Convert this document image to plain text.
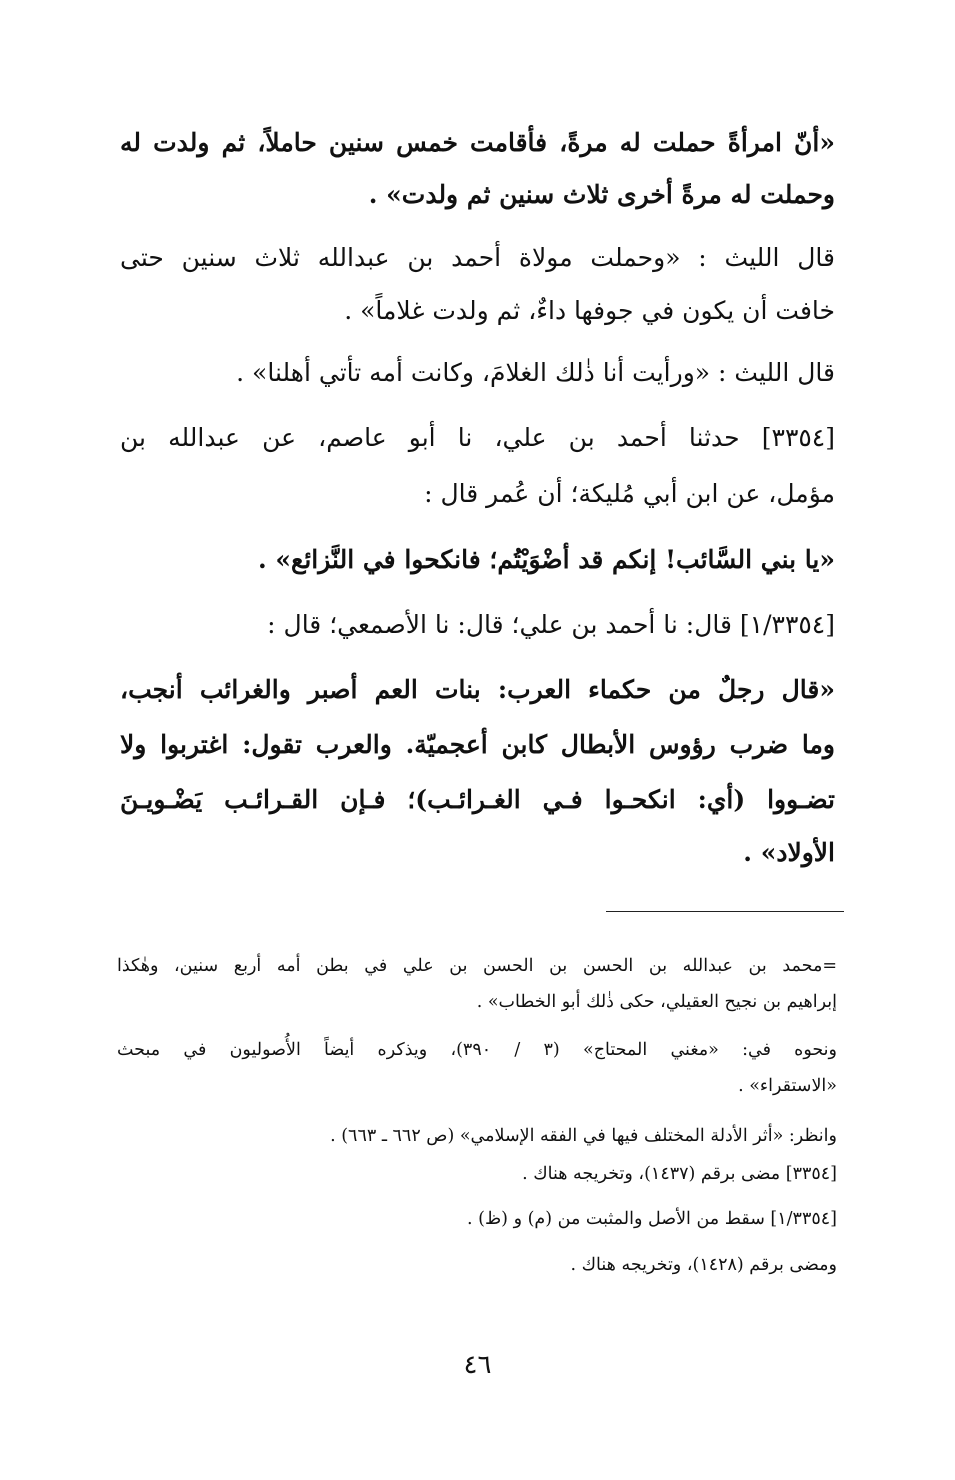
«أنّ امرأةً حملت له مرةً، فأقامت خمس سنين حاملاً، ثم ولدت له
وحملت له مرةً أخرى ثلاث سنين ثم ولدت» .
قال الليث : «وحملت مولاة أحمد بن عبدالله ثلاث سنين حتى
خافت أن يكون في جوفها داءٌ، ثم ولدت غلاماً» .
قال الليث : «ورأيت أنا ذٰلك الغلامَ، وكانت أمه تأتي أهلنا» .
[٣٣٥٤] حدثنا أحمد بن علي، نا أبو عاصم، عن عبدالله بن
مؤمل، عن ابن أبي مُليكة؛ أن عُمر قال :
«يا بني السَّائب! إنكم قد أضْوَيْتُم؛ فانكحوا في النَّزائع» .
[١/٣٣٥٤] قال: نا أحمد بن علي؛ قال: نا الأصمعي؛ قال :
«قال رجلٌ من حكماء العرب: بنات العم أصبر والغرائب أنجب،
وما ضرب رؤوس الأبطال كابن أعجميّة. والعرب تقول: اغتربوا ولا
تضـووا (أي: انكحـوا فـي الغـرائـب)؛ فـإن القـرائـب يَضْـويـنَ
الأولاد» .
=محمد بن عبدالله بن الحسن بن الحسن بن علي في بطن أمه أربع سنين، وهٰكذا
إبراهيم بن نجيح العقيلي، حكى ذٰلك أبو الخطاب» .
ونحوه في: «مغني المحتاج» (٣ / ٣٩٠)، ويذكره أيضاً الأُصوليون في مبحث
«الاستقراء» .
وانظر: «أثر الأدلة المختلف فيها في الفقه الإسلامي» (ص ٦٦٢ ـ ٦٦٣) .
[٣٣٥٤] مضى برقم (١٤٣٧)، وتخريجه هناك .
[١/٣٣٥٤] سقط من الأصل والمثبت من (م) و (ظ) .
ومضى برقم (١٤٢٨)، وتخريجه هناك .
٤٦
